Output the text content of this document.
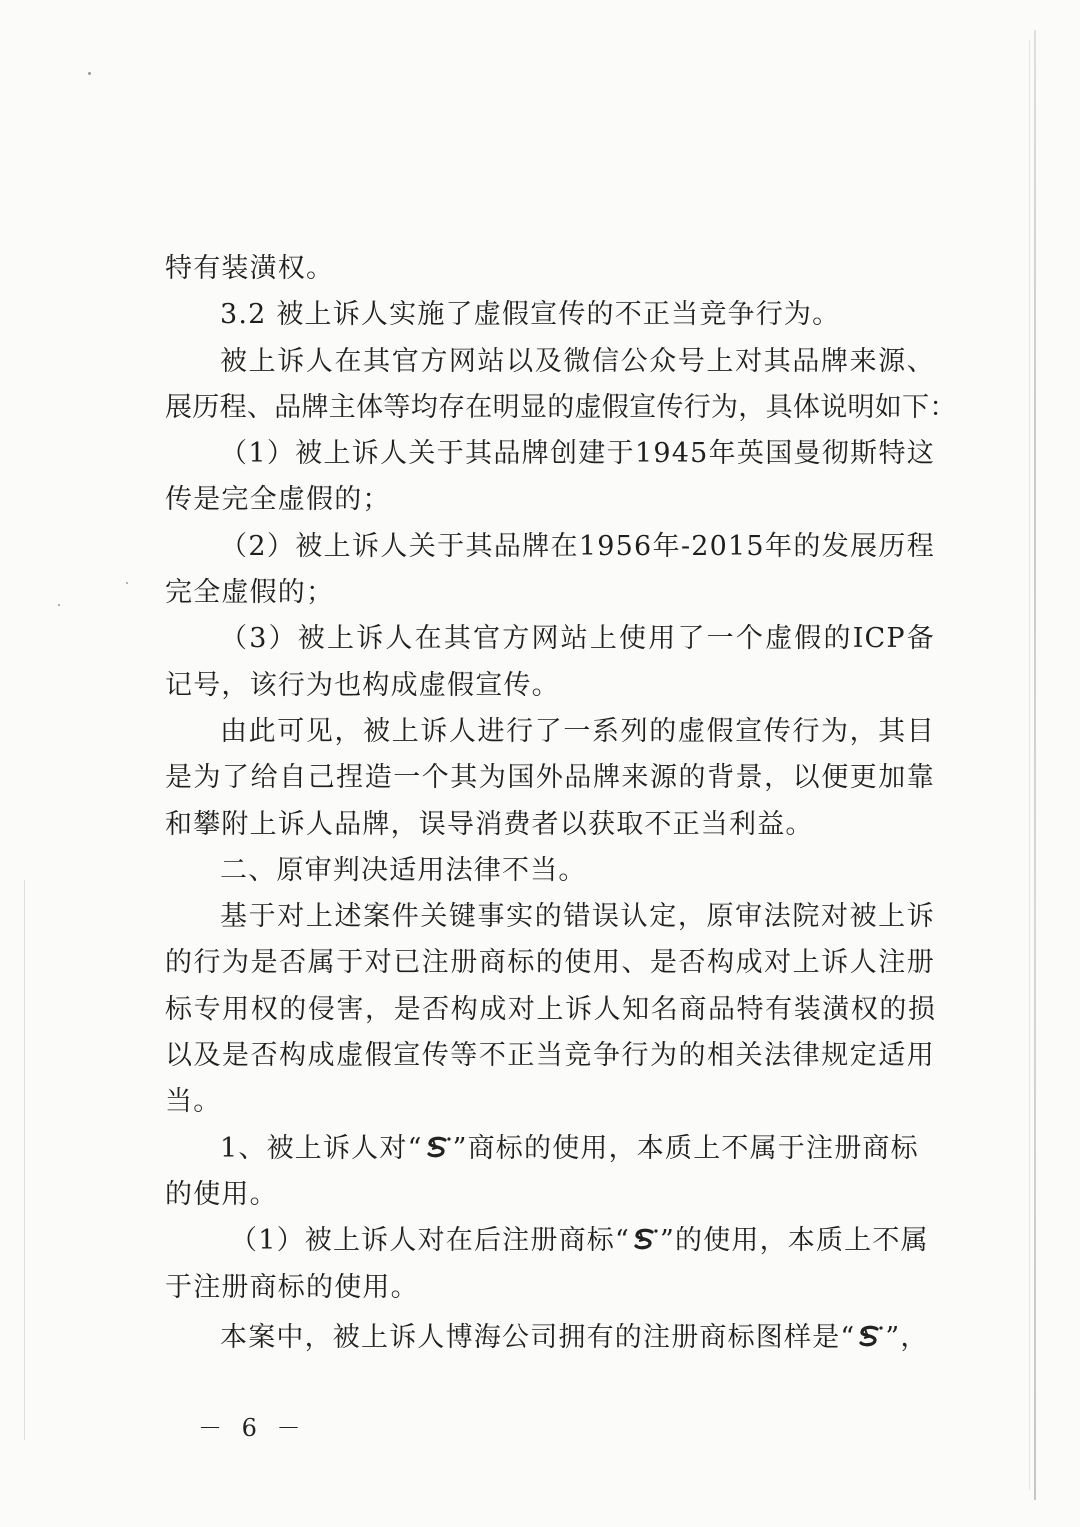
特有装潢权。
3.2 被上诉人实施了虚假宣传的不正当竞争行为。
被上诉人在其官方网站以及微信公众号上对其品牌来源、
展历程、品牌主体等均存在明显的虚假宣传行为，具体说明如下：
（1）被上诉人关于其品牌创建于1945年英国曼彻斯特这
传是完全虚假的；
（2）被上诉人关于其品牌在1956年-2015年的发展历程
完全虚假的；
（3）被上诉人在其官方网站上使用了一个虚假的ICP备
记号，该行为也构成虚假宣传。
由此可见，被上诉人进行了一系列的虚假宣传行为，其目
是为了给自己捏造一个其为国外品牌来源的背景，以便更加靠
和攀附上诉人品牌，误导消费者以获取不正当利益。
二、原审判决适用法律不当。
基于对上述案件关键事实的错误认定，原审法院对被上诉
的行为是否属于对已注册商标的使用、是否构成对上诉人注册
标专用权的侵害，是否构成对上诉人知名商品特有装潢权的损
以及是否构成虚假宣传等不正当竞争行为的相关法律规定适用
当。
1、被上诉人对“ ”商标的使用，本质上不属于注册商标
的使用。
（1）被上诉人对在后注册商标“ ”的使用，本质上不属
于注册商标的使用。
本案中，被上诉人博海公司拥有的注册商标图样是“ ”，
－ 6 －
